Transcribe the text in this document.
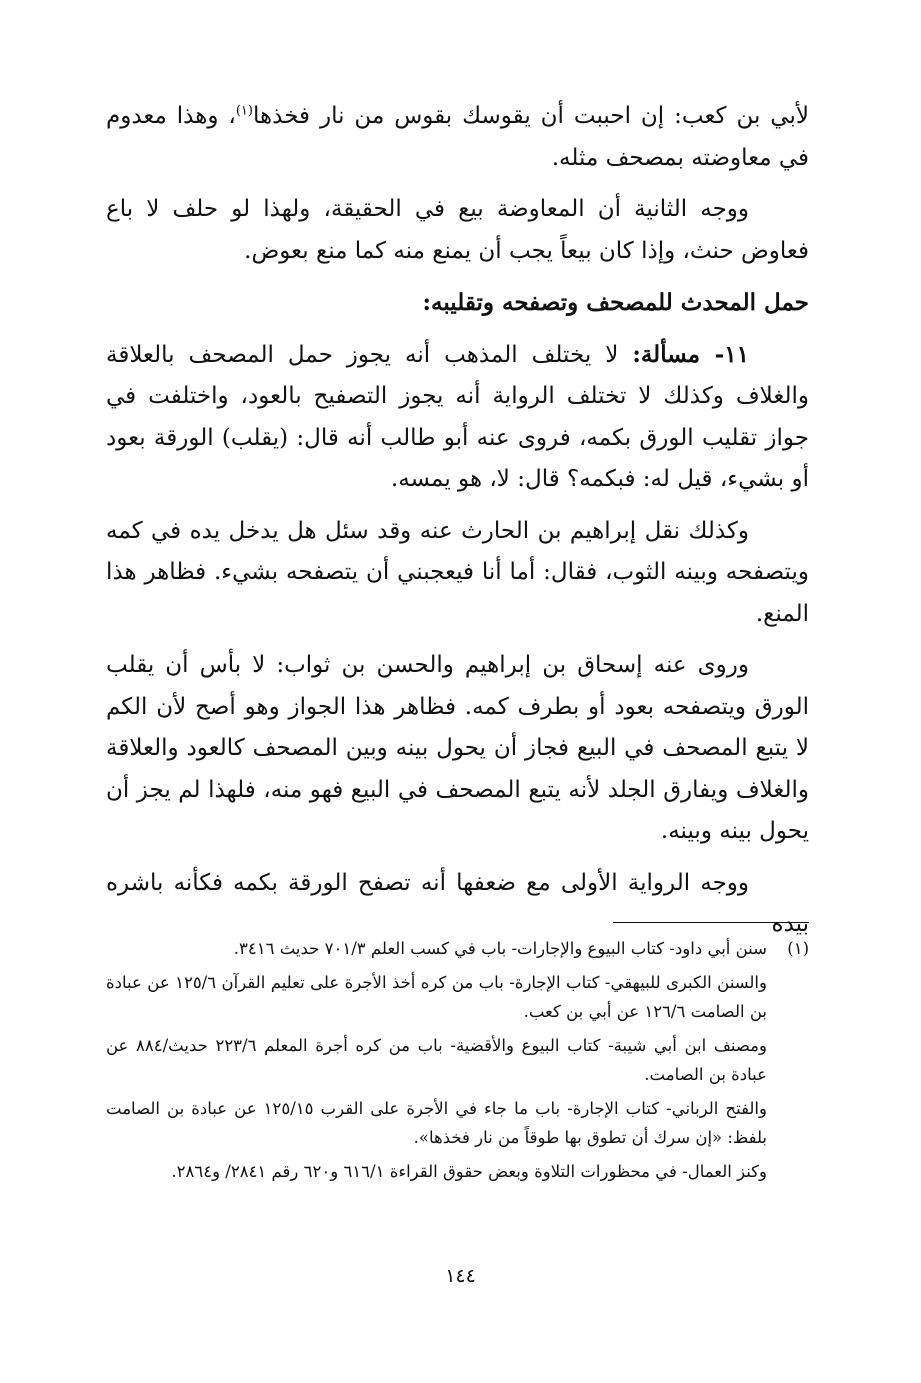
لأبي بن كعب: إن احببت أن يقوسك بقوس من نار فخذها$^{(١)}$، وهذا معدوم في معاوضته بمصحف مثله.

ووجه الثانية أن المعاوضة بيع في الحقيقة، ولهذا لو حلف لا باع فعاوض حنث، وإذا كان بيعاً يجب أن يمنع منه كما منع بعوض.

حمل المحدث للمصحف وتصفحه وتقليبه:

١١- مسألة: لا يختلف المذهب أنه يجوز حمل المصحف بالعلاقة والغلاف وكذلك لا تختلف الرواية أنه يجوز التصفيح بالعود، واختلفت في جواز تقليب الورق بكمه، فروى عنه أبو طالب أنه قال: (يقلب) الورقة بعود أو بشيء، قيل له: فبكمه؟ قال: لا، هو يمسه.

وكذلك نقل إبراهيم بن الحارث عنه وقد سئل هل يدخل يده في كمه ويتصفحه وبينه الثوب، فقال: أما أنا فيعجبني أن يتصفحه بشيء. فظاهر هذا المنع.

وروى عنه إسحاق بن إبراهيم والحسن بن ثواب: لا بأس أن يقلب الورق ويتصفحه بعود أو بطرف كمه. فظاهر هذا الجواز وهو أصح لأن الكم لا يتبع المصحف في البيع فجاز أن يحول بينه وبين المصحف كالعود والعلاقة والغلاف ويفارق الجلد لأنه يتبع المصحف في البيع فهو منه، فلهذا لم يجز أن يحول بينه وبينه.

ووجه الرواية الأولى مع ضعفها أنه تصفح الورقة بكمه فكأنه باشره بيده

(١)

سنن أبي داود- كتاب البيوع والإجارات- باب في كسب العلم ٧٠١/٣ حديث ٣٤١٦.

والسنن الكبرى للبيهقي- كتاب الإجارة- باب من كره أخذ الأجرة على تعليم القرآن ١٢٥/٦ عن عبادة بن الصامت ١٢٦/٦ عن أبي بن كعب.

ومصنف ابن أبي شيبة- كتاب البيوع والأقضية- باب من كره أجرة المعلم ٢٢٣/٦ حديث/٨٨٤ عن عبادة بن الصامت.

والفتح الرباني- كتاب الإجارة- باب ما جاء في الأجرة على القرب ١٢٥/١٥ عن عبادة بن الصامت بلفظ: «إن سرك أن تطوق بها طوقاً من نار فخذها».

وكنز العمال- في محظورات التلاوة وبعض حقوق القراءة ٦١٦/١ و٦٢٠ رقم ٢٨٤١/ و٢٨٦٤.

١٤٤
